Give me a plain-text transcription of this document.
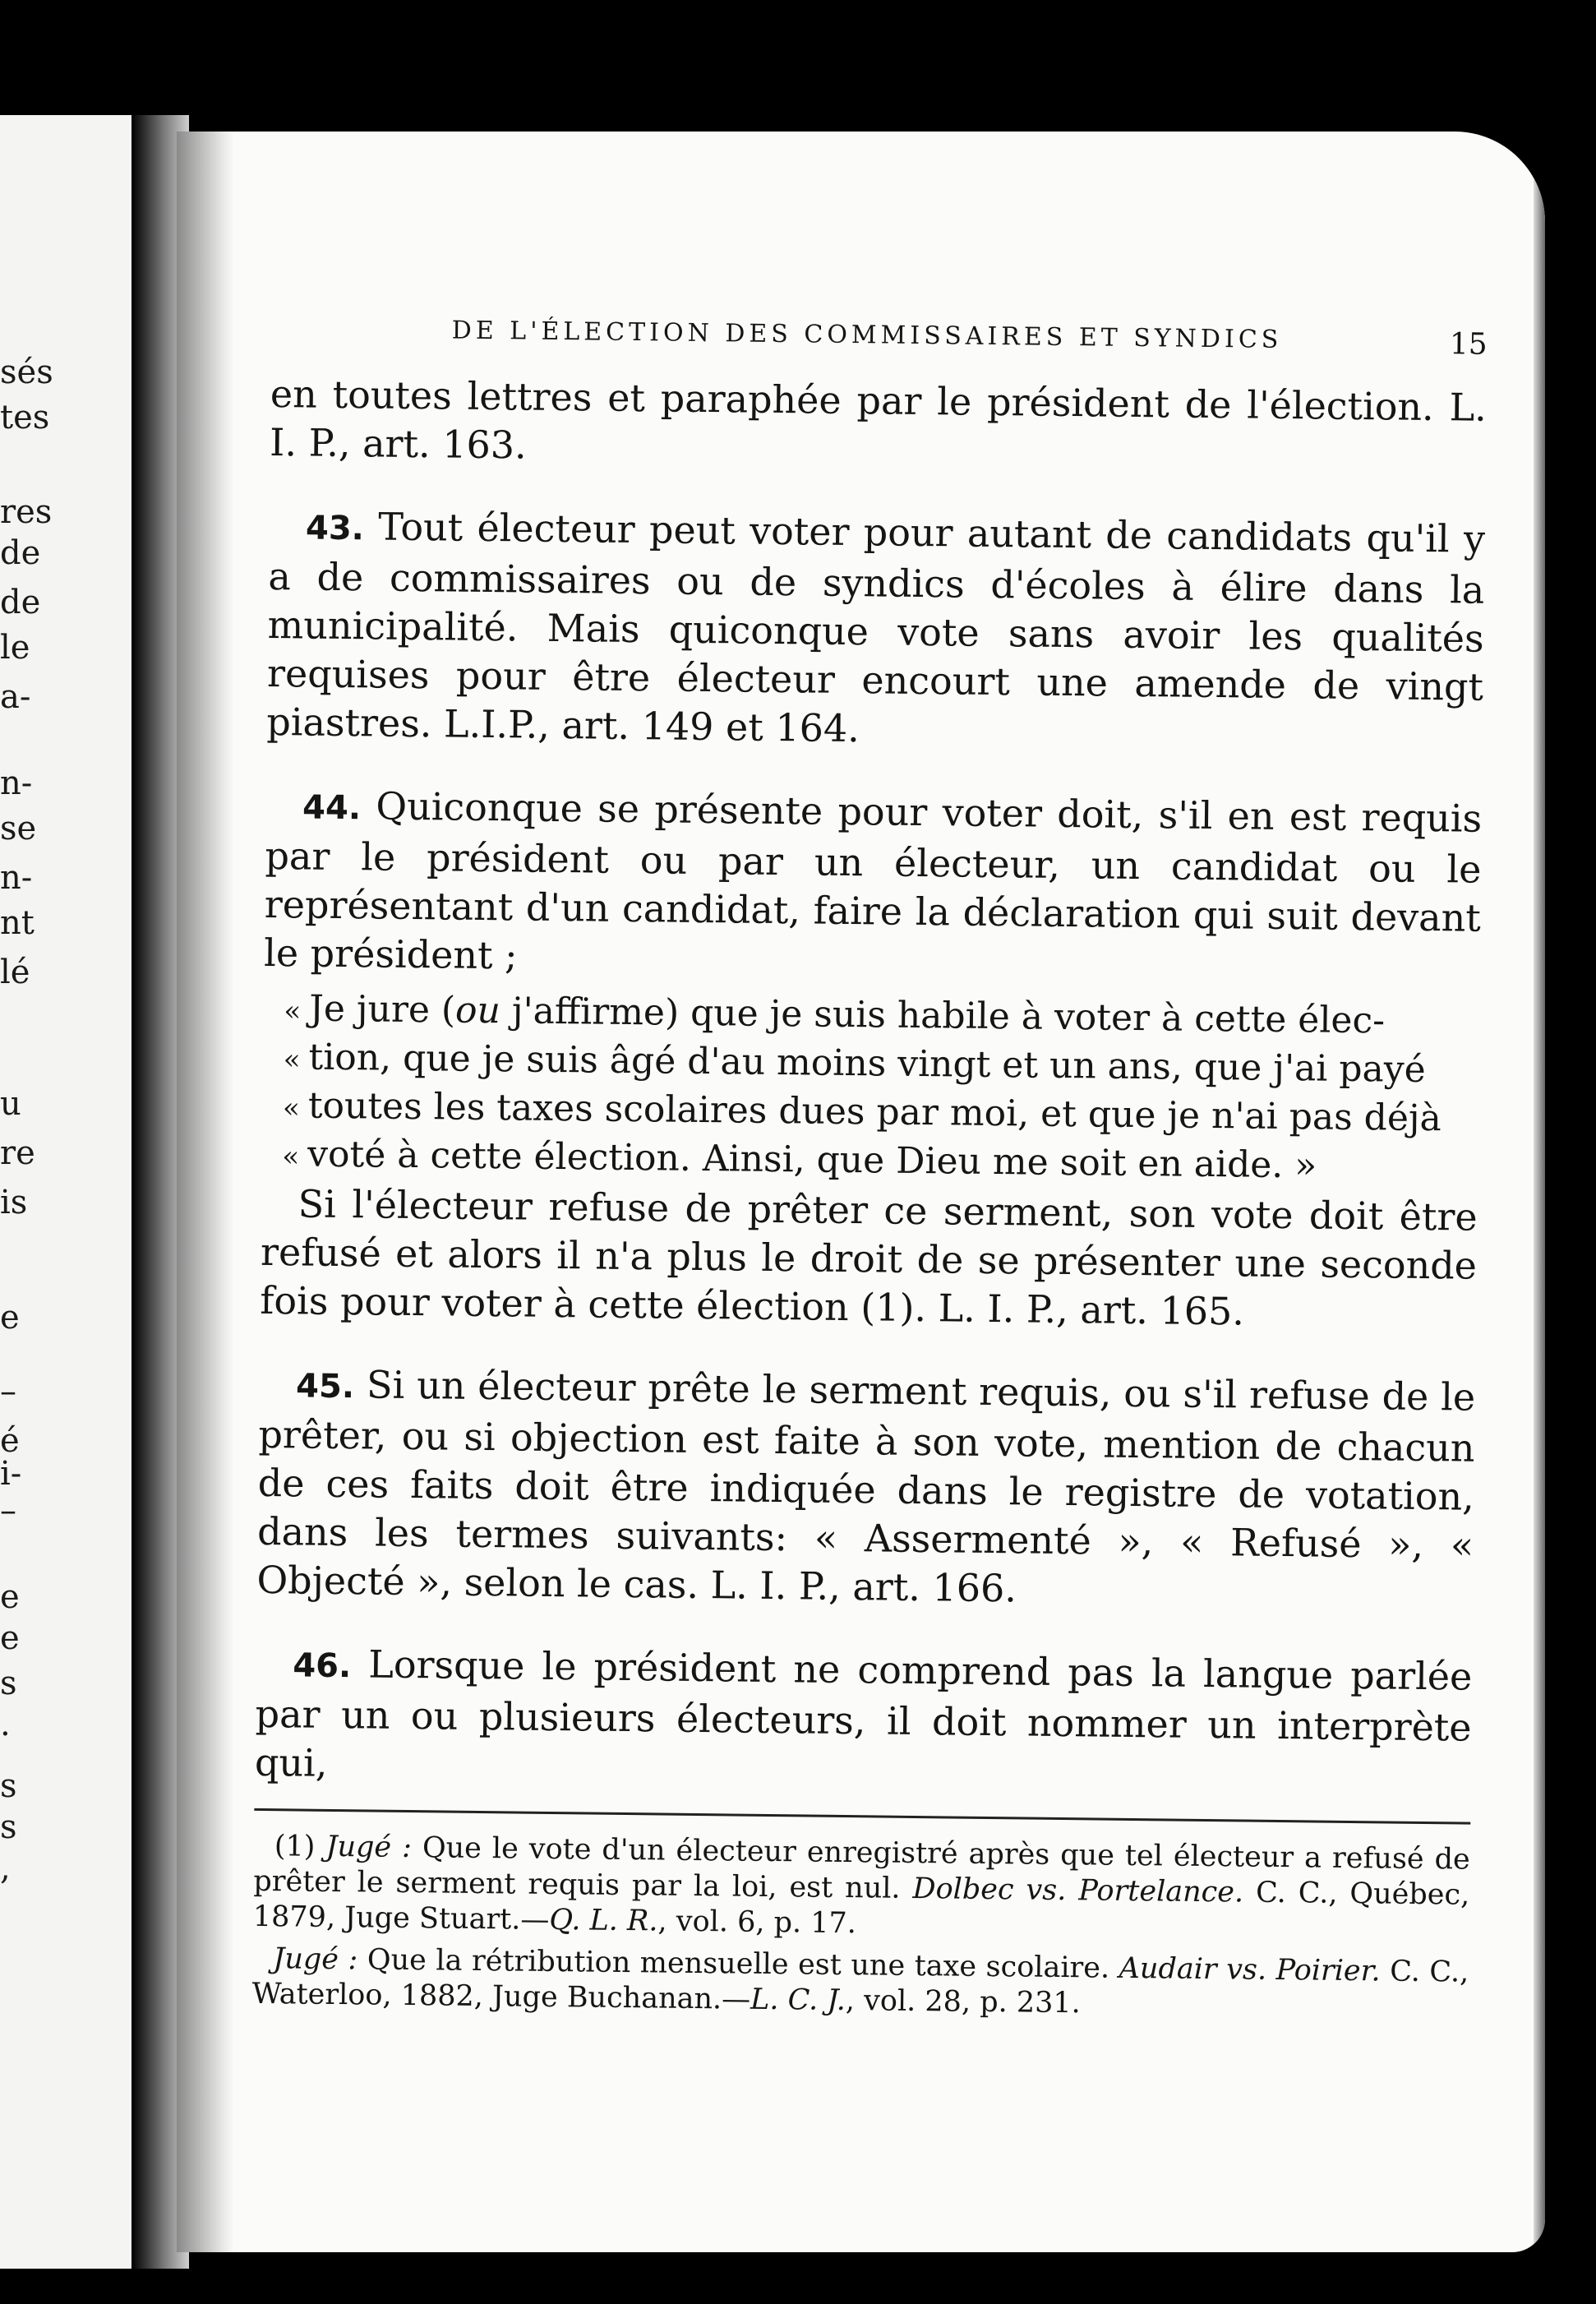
sés
tes
res
de
de
le
a-
n-
se
n-
nt
lé
u
re
is
e
–
é
i-
–
e
e
s
.
s
s
,
DE L'ÉLECTION DES COMMISSAIRES ET SYNDICS	15

en toutes lettres et paraphée par le président de l'élection. L. I. P., art. 163.

43. Tout électeur peut voter pour autant de candidats qu'il y a de commissaires ou de syndics d'écoles à élire dans la municipalité. Mais quiconque vote sans avoir les qualités requises pour être électeur encourt une amende de vingt piastres. L.I.P., art. 149 et 164.

44. Quiconque se présente pour voter doit, s'il en est requis par le président ou par un électeur, un candidat ou le représentant d'un candidat, faire la déclaration qui suit devant le président ;

« Je jure (ou j'affirme) que je suis habile à voter à cette élec-
« tion, que je suis âgé d'au moins vingt et un ans, que j'ai payé
« toutes les taxes scolaires dues par moi, et que je n'ai pas déjà
« voté à cette élection. Ainsi, que Dieu me soit en aide. »

Si l'électeur refuse de prêter ce serment, son vote doit être refusé et alors il n'a plus le droit de se présenter une seconde fois pour voter à cette élection (1). L. I. P., art. 165.

45. Si un électeur prête le serment requis, ou s'il refuse de le prêter, ou si objection est faite à son vote, mention de chacun de ces faits doit être indiquée dans le registre de votation, dans les termes suivants: « Assermenté », « Refusé », « Objecté », selon le cas. L. I. P., art. 166.

46. Lorsque le président ne comprend pas la langue parlée par un ou plusieurs électeurs, il doit nommer un interprète qui,

(1) Jugé : Que le vote d'un électeur enregistré après que tel électeur a refusé de prêter le serment requis par la loi, est nul. Dolbec vs. Portelance. C. C., Québec, 1879, Juge Stuart.—Q. L. R., vol. 6, p. 17.

Jugé : Que la rétribution mensuelle est une taxe scolaire. Audair vs. Poirier. C. C., Waterloo, 1882, Juge Buchanan.—L. C. J., vol. 28, p. 231.
